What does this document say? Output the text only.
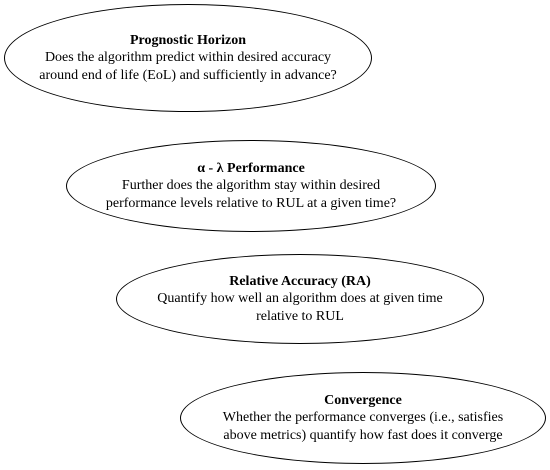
Prognostic Horizon
Does the algorithm predict within desired accuracy around end of life (EoL) and sufficiently in advance?
α - λ Performance
Further does the algorithm stay within desired performance levels relative to RUL at a given time?
Relative Accuracy (RA)
Quantify how well an algorithm does at given time relative to RUL
Convergence
Whether the performance converges (i.e., satisfies above metrics) quantify how fast does it converge
